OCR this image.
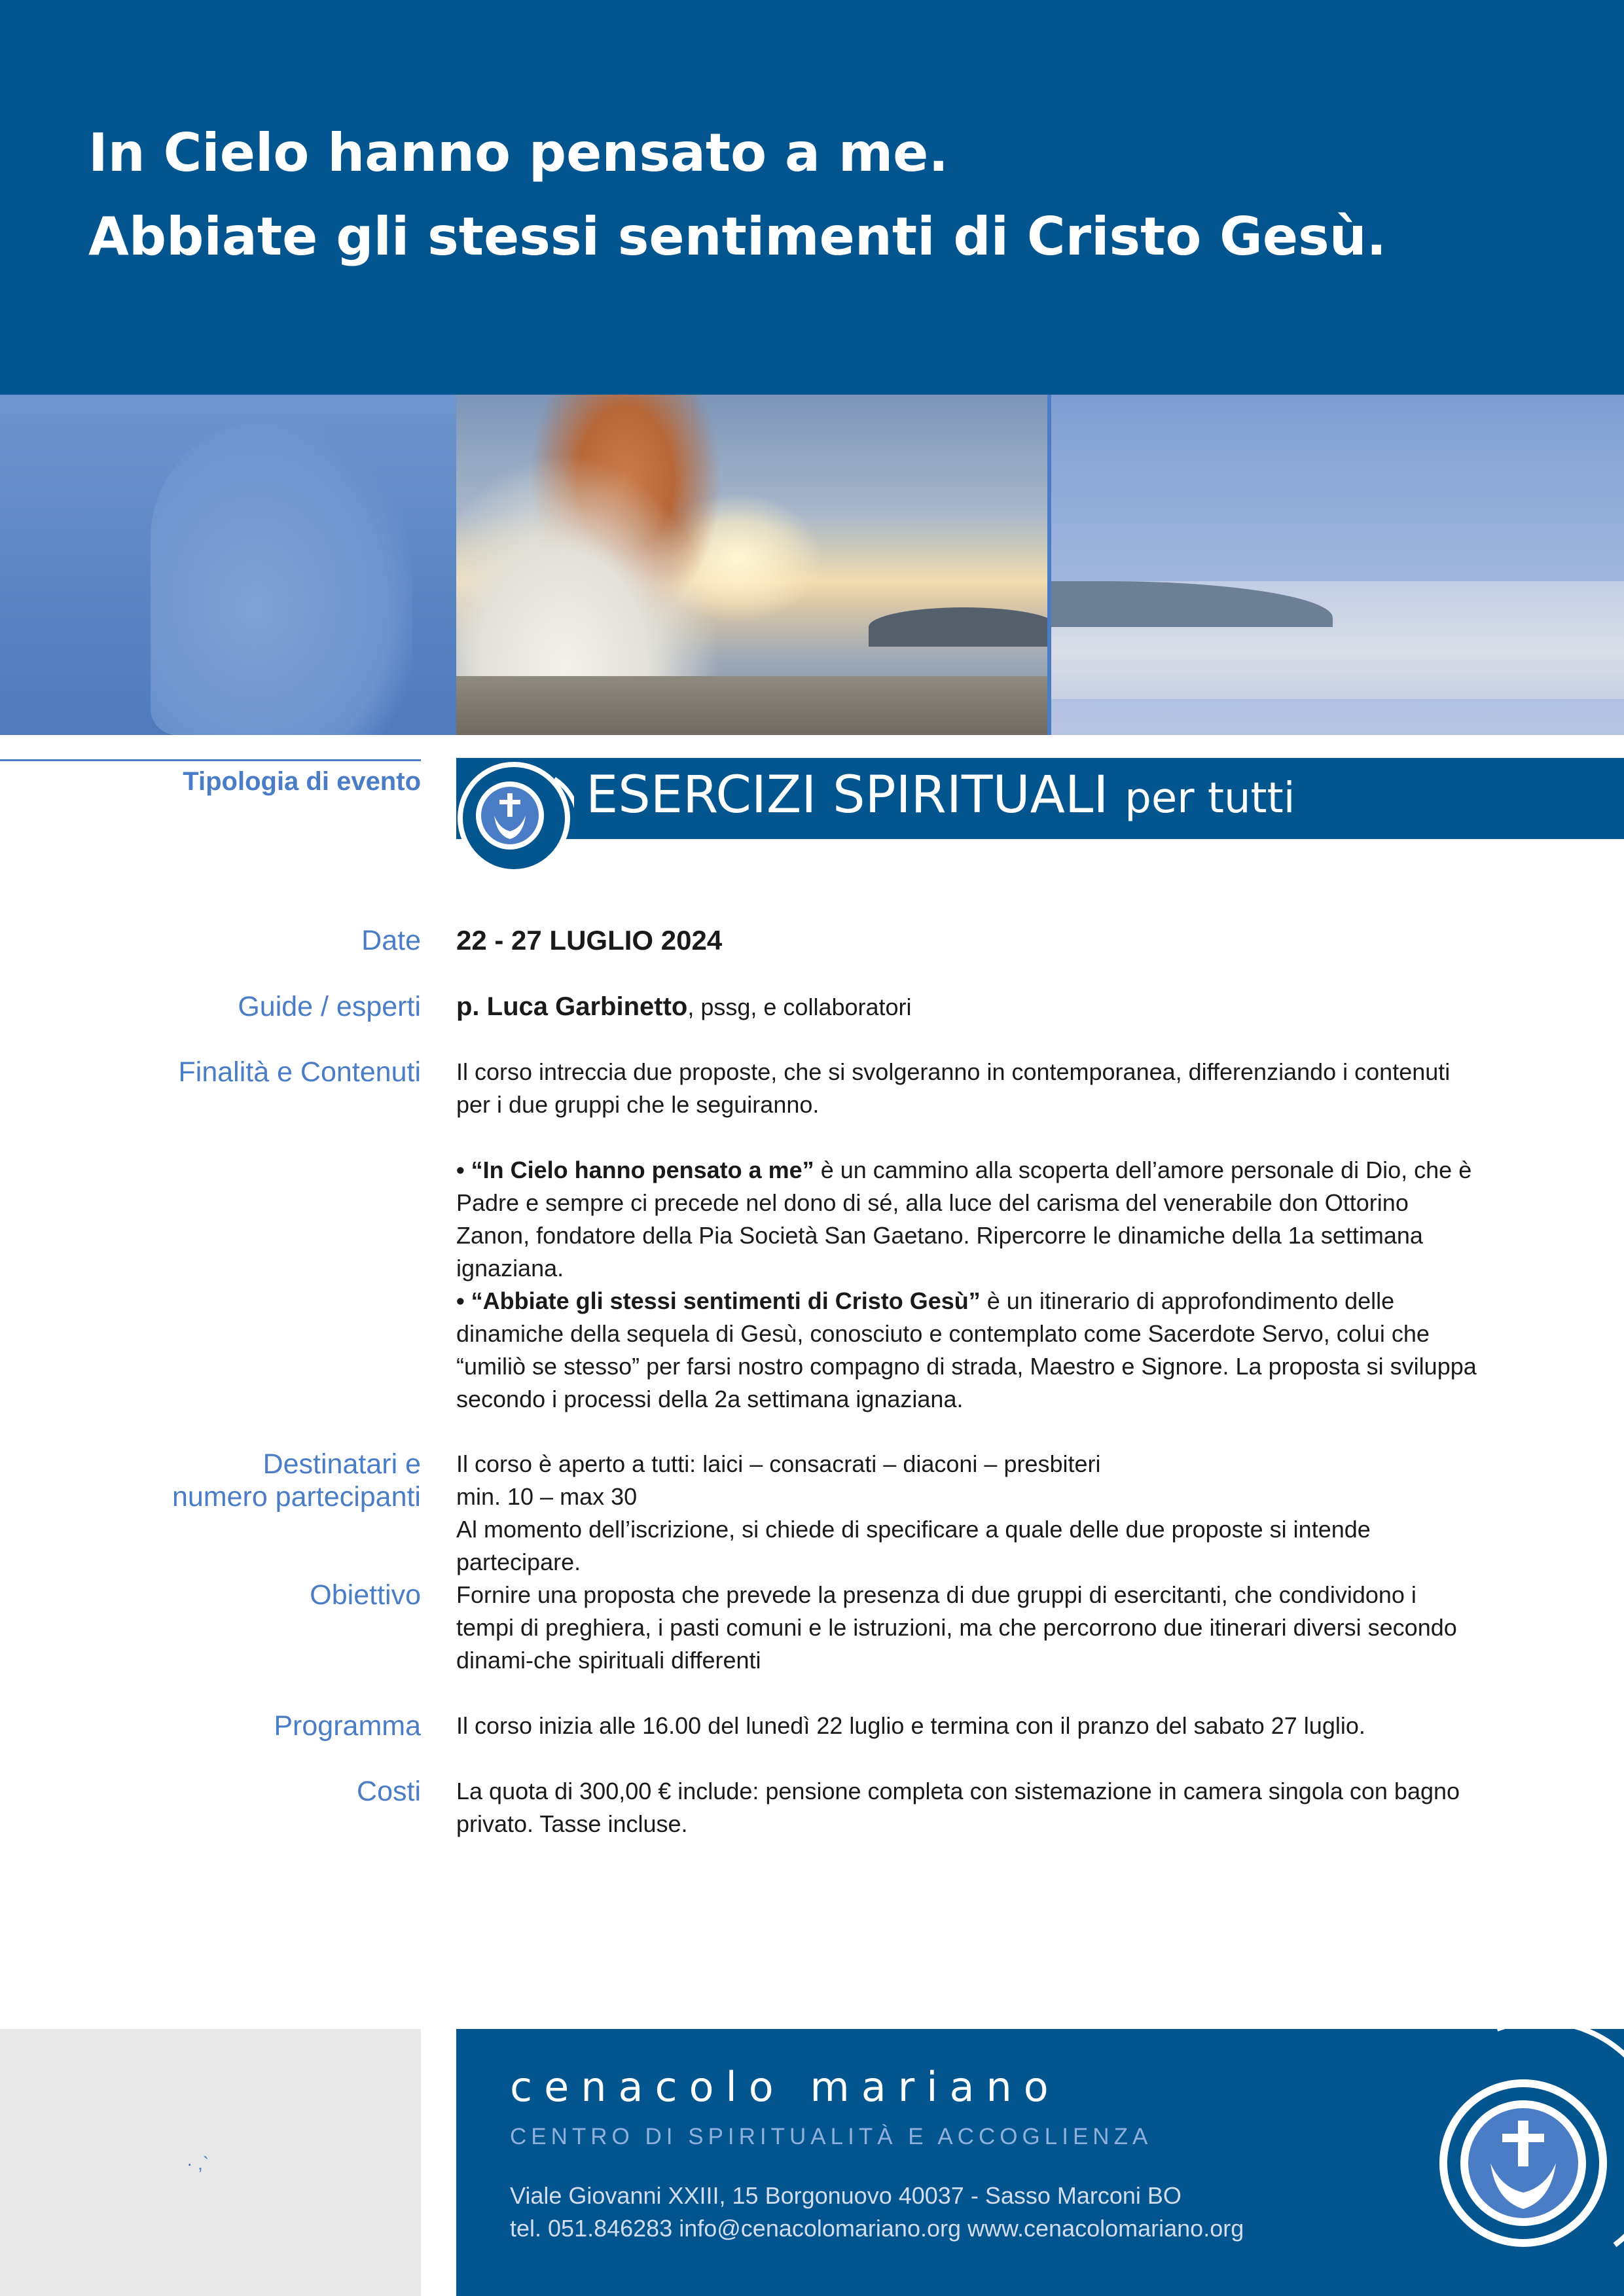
In Cielo hanno pensato a me.
Abbiate gli stessi sentimenti di Cristo Gesù.
Tipologia di evento	ESERCIZI SPIRITUALI per tutti
Date 22 - 27 LUGLIO 2024
Guide / esperti p. Luca Garbinetto, pssg, e collaboratori
Finalità e Contenuti Il corso intreccia due proposte, che si svolgeranno in contemporanea, differenziando i contenuti per i due gruppi che le seguiranno.

• “In Cielo hanno pensato a me” è un cammino alla scoperta dell’amore personale di Dio, che è Padre e sempre ci precede nel dono di sé, alla luce del carisma del venerabile don Ottorino Zanon, fondatore della Pia Società San Gaetano. Ripercorre le dinamiche della 1a settimana ignaziana.

• “Abbiate gli stessi sentimenti di Cristo Gesù” è un itinerario di approfondimento delle dinamiche della sequela di Gesù, conosciuto e contemplato come Sacerdote Servo, colui che “umiliò se stesso” per farsi nostro compagno di strada, Maestro e Signore. La proposta si sviluppa secondo i processi della 2a settimana ignaziana.

Destinatari e
numero partecipanti

Il corso è aperto a tutti: laici – consacrati – diaconi – presbiteri

min. 10 – max 30

Al momento dell’iscrizione, si chiede di specificare a quale delle due proposte si intende partecipare.

Obiettivo Fornire una proposta che prevede la presenza di due gruppi di esercitanti, che condividono i tempi di preghiera, i pasti comuni e le istruzioni, ma che percorrono due itinerari diversi secondo dinami-che spirituali differenti
Programma Il corso inizia alle 16.00 del lunedì 22 luglio e termina con il pranzo del sabato 27 luglio.
Costi La quota di 300,00 € include: pensione completa con sistemazione in camera singola con bagno privato. Tasse incluse.
· ,`
cenacolo mariano
CENTRO DI SPIRITUALITÀ E ACCOGLIENZA
Viale Giovanni XXIII, 15 Borgonuovo 40037 - Sasso Marconi BO
tel. 051.846283 info@cenacolomariano.org www.cenacolomariano.org
